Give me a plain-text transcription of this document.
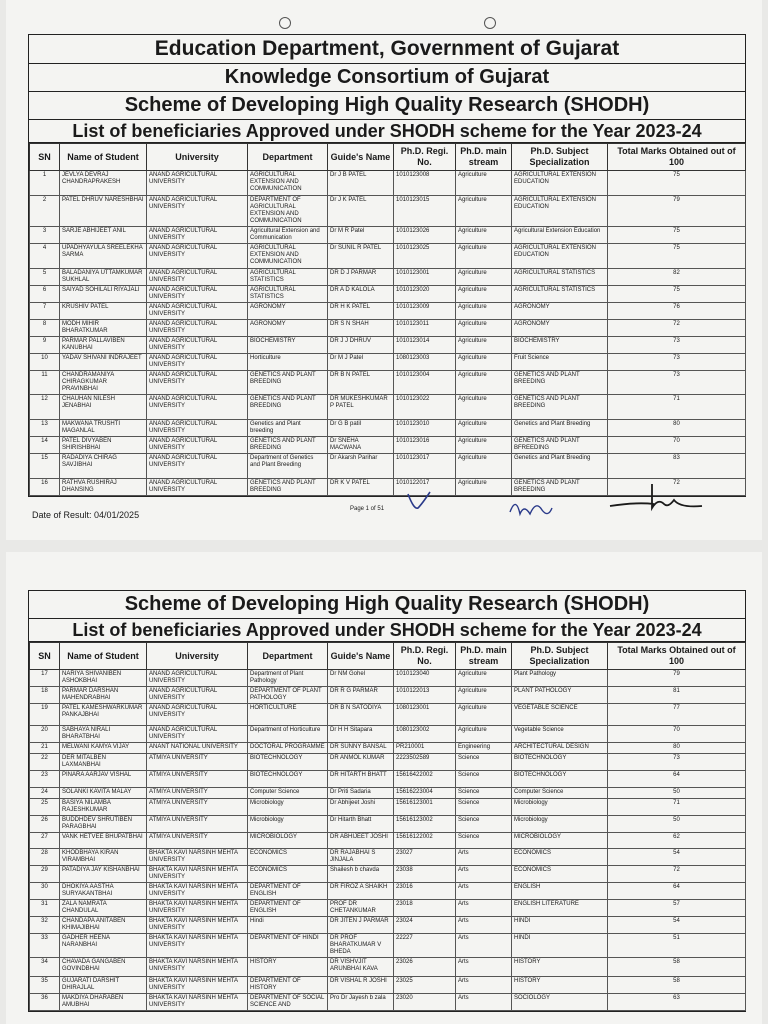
Education Department, Government of Gujarat
Knowledge Consortium of Gujarat
Scheme of Developing High Quality Research (SHODH)
List of beneficiaries Approved under SHODH scheme for the Year 2023-24
SN	Name of Student	University	Department	Guide's Name	Ph.D. Regi. No.	Ph.D. main stream	Ph.D. Subject Specialization	Total Marks Obtained out of 100
1	JEVLYA DEVRAJ CHANDRAPRAKESH	ANAND AGRICULTURAL UNIVERSITY	AGRICULTURAL EXTENSION AND COMMUNICATION	Dr J B PATEL	1010123008	Agriculture	AGRICULTURAL EXTENSION EDUCATION	75
2	PATEL DHRUV NARESHBHAI	ANAND AGRICULTURAL UNIVERSITY	DEPARTMENT OF AGRICULTURAL EXTENSION AND COMMUNICATION	Dr J K PATEL	1010123015	Agriculture	AGRICULTURAL EXTENSION EDUCATION	79
3	SARJE ABHIJEET ANIL	ANAND AGRICULTURAL UNIVERSITY	Agricultural Extension and Communication	Dr M R Patel	1010123026	Agriculture	Agricultural Extension Education	75
4	UPADHYAYULA SREELEKHA SARMA	ANAND AGRICULTURAL UNIVERSITY	AGRICULTURAL EXTENSION AND COMMUNICATION	Dr SUNIL R PATEL	1010123025	Agriculture	AGRICULTURAL EXTENSION EDUCATION	75
5	BALADANIYA UTTAMKUMAR SUKHLAL	ANAND AGRICULTURAL UNIVERSITY	AGRICULTURAL STATISTICS	DR D J PARMAR	1010123001	Agriculture	AGRICULTURAL STATISTICS	82
6	SAIYAD SOHILALI RIYAJALI	ANAND AGRICULTURAL UNIVERSITY	AGRICULTURAL STATISTICS	DR A D KALOLA	1010123020	Agriculture	AGRICULTURAL STATISTICS	75
7	KRUSHIV PATEL	ANAND AGRICULTURAL UNIVERSITY	AGRONOMY	DR H K PATEL	1010123009	Agriculture	AGRONOMY	76
8	MODH MIHIR BHARATKUMAR	ANAND AGRICULTURAL UNIVERSITY	AGRONOMY	DR S N SHAH	1010123011	Agriculture	AGRONOMY	72
9	PARMAR PALLAVIBEN KANUBHAI	ANAND AGRICULTURAL UNIVERSITY	BIOCHEMISTRY	DR J J DHRUV	1010123014	Agriculture	BIOCHEMISTRY	73
10	YADAV SHIVANI INDRAJEET	ANAND AGRICULTURAL UNIVERSITY	Horticulture	Dr M J Patel	1080123003	Agriculture	Fruit Science	73
11	CHANDRAMANIYA CHIRAGKUMAR PRAVINBHAI	ANAND AGRICULTURAL UNIVERSITY	GENETICS AND PLANT BREEDING	DR B N PATEL	1010123004	Agriculture	GENETICS AND PLANT BREEDING	73
12	CHAUHAN NILESH JENABHAI	ANAND AGRICULTURAL UNIVERSITY	GENETICS AND PLANT BREEDING	DR MUKESHKUMAR P PATEL	1010123022	Agriculture	GENETICS AND PLANT BREEDING	71
13	MAKWANA TRUSHTI MAGANLAL	ANAND AGRICULTURAL UNIVERSITY	Genetics and Plant breeding	Dr G B patil	1010123010	Agriculture	Genetics and Plant Breeding	80
14	PATEL DIVYABEN SHIRISHBHAI	ANAND AGRICULTURAL UNIVERSITY	GENETICS AND PLANT BREEDING	Dr SNEHA MACWANA	1010123016	Agriculture	GENETICS AND PLANT BFREEDING	70
15	RADADIYA CHIRAG SAVJIBHAI	ANAND AGRICULTURAL UNIVERSITY	Department of Genetics and Plant Breeding	Dr Akarsh Parihar	1010123017	Agriculture	Genetics and Plant Breeding	83
16	RATHVA RUSHIRAJ DHANSING	ANAND AGRICULTURAL UNIVERSITY	GENETICS AND PLANT BREEDING	DR K V PATEL	1010122017	Agriculture	GENETICS AND PLANT BREEDING	72
Date of Result: 04/01/2025
Page 1 of 51
Scheme of Developing High Quality Research (SHODH)
List of beneficiaries Approved under SHODH scheme for the Year 2023-24
SN	Name of Student	University	Department	Guide's Name	Ph.D. Regi. No.	Ph.D. main stream	Ph.D. Subject Specialization	Total Marks Obtained out of 100
17	NARIYA SHIVANIBEN ASHOKBHAI	ANAND AGRICULTURAL UNIVERSITY	Department of Plant Pathology	Dr NM Gohel	1010123040	Agriculture	Plant Pathology	79
18	PARMAR DARSHAN MAHENDRABHAI	ANAND AGRICULTURAL UNIVERSITY	DEPARTMENT OF PLANT PATHOLOGY	DR R G PARMAR	1010122013	Agriculture	PLANT PATHOLOGY	81
19	PATEL KAMESHWARKUMAR PANKAJBHAI	ANAND AGRICULTURAL UNIVERSITY	HORTICULTURE	DR B N SATODIYA	1080123001	Agriculture	VEGETABLE SCIENCE	77
20	SABHAYA NIRALI BHARATBHAI	ANAND AGRICULTURAL UNIVERSITY	Department of Horticulture	Dr H H Sitapara	1080123002	Agriculture	Vegetable Science	70
21	MELWANI KAMYA VIJAY	ANANT NATIONAL UNIVERSITY	DOCTORAL PROGRAMME	DR SUNNY BANSAL	PR210001	Engineering	ARCHITECTURAL DESIGN	80
22	DER MITALBEN LAXMANBHAI	ATMIYA UNIVERSITY	BIOTECHNOLOGY	DR ANMOL KUMAR	2223502589	Science	BIOTECHNOLOGY	73
23	PINARA AARJAV VISHAL	ATMIYA UNIVERSITY	BIOTECHNOLOGY	DR HITARTH BHATT	15616422002	Science	BIOTECHNOLOGY	64
24	SOLANKI KAVITA MALAY	ATMIYA UNIVERSITY	Computer Science	Dr Priti Sadaria	15616223004	Science	Computer Science	50
25	BASIYA NILAMBA RAJESHKUMAR	ATMIYA UNIVERSITY	Microbiology	Dr Abhijeet Joshi	15616123001	Science	Microbiology	71
26	BUDDHDEV SHRUTIBEN PARAGBHAI	ATMIYA UNIVERSITY	Microbiology	Dr Hitarth Bhatt	15616123002	Science	Microbiology	50
27	VANK HETVEE BHUPATBHAI	ATMIYA UNIVERSITY	MICROBIOLOGY	DR ABHIJEET JOSHI	15616122002	Science	MICROBIOLOGY	62
28	KHODBHAYA KIRAN VIRAMBHAI	BHAKTA KAVI NARSINH MEHTA UNIVERSITY	ECONOMICS	DR RAJABHAI S JINJALA	23027	Arts	ECONOMICS	54
29	PATADIYA JAY KISHANBHAI	BHAKTA KAVI NARSINH MEHTA UNIVERSITY	ECONOMICS	Shailesh b chavda	23038	Arts	ECONOMICS	72
30	DHOKIYA AASTHA SURYAKANTBHAI	BHAKTA KAVI NARSINH MEHTA UNIVERSITY	DEPARTMENT OF ENGLISH	DR FIROZ A SHAIKH	23016	Arts	ENGLISH	64
31	ZALA NAMRATA CHANDULAL	BHAKTA KAVI NARSINH MEHTA UNIVERSITY	DEPARTMENT OF ENGLISH	PROF DR CHETANKUMAR	23018	Arts	ENGLISH LITERATURE	57
32	CHANDAPA ANITABEN KHIMAJIBHAI	BHAKTA KAVI NARSINH MEHTA UNIVERSITY	Hindi	DR JITEN J PARMAR	23024	Arts	HINDI	54
33	GADHER HEENA NARANBHAI	BHAKTA KAVI NARSINH MEHTA UNIVERSITY	DEPARTMENT OF HINDI	DR PROF BHARATKUMAR V BHEDA	22227	Arts	HINDI	51
34	CHAVADA GANGABEN GOVINDBHAI	BHAKTA KAVI NARSINH MEHTA UNIVERSITY	HISTORY	DR VISHVJIT ARUNBHAI KAVA	23026	Arts	HISTORY	58
35	GUJARATI DARSHIT DHIRAJLAL	BHAKTA KAVI NARSINH MEHTA UNIVERSITY	DEPARTMENT OF HISTORY	DR VISHAL R JOSHI	23025	Arts	HISTORY	58
36	MAKDIYA DHARABEN AMUBHAI	BHAKTA KAVI NARSINH MEHTA UNIVERSITY	DEPARTMENT OF SOCIAL SCIENCE AND	Pro Dr Jayesh b zala	23020	Arts	SOCIOLOGY	63
